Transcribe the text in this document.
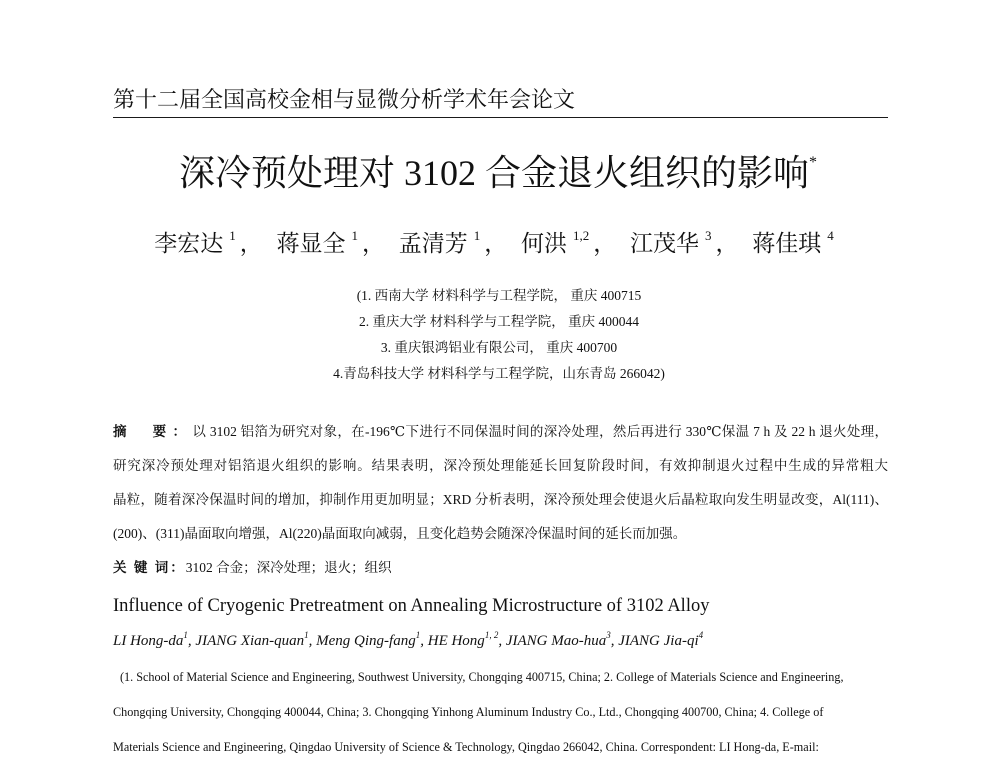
第十二届全国高校金相与显微分析学术年会论文
深冷预处理对 3102 合金退火组织的影响*
李宏达 $^1$ ， 蒋显全 $^1$ ， 孟清芳 $^1$ ， 何洪 $^{1,2}$ ， 江茂华 $^3$ ， 蒋佳琪 $^4$
(1. 西南大学 材料科学与工程学院， 重庆 400715
2. 重庆大学 材料科学与工程学院， 重庆 400044
3. 重庆银鸿铝业有限公司， 重庆 400700
4.青岛科技大学 材料科学与工程学院，山东青岛 266042)
摘　要：以 3102 铝箔为研究对象，在-196℃下进行不同保温时间的深冷处理，然后再进行 330℃保温 7 h 及 22 h 退火处理，
研究深冷预处理对铝箔退火组织的影响。结果表明，深冷预处理能延长回复阶段时间，有效抑制退火过程中生成的异常粗大
晶粒，随着深冷保温时间的增加，抑制作用更加明显；XRD 分析表明，深冷预处理会使退火后晶粒取向发生明显改变，Al(111)、
(200)、(311)晶面取向增强，Al(220)晶面取向减弱，且变化趋势会随深冷保温时间的延长而加强。
关 键 词：3102 合金；深冷处理；退火；组织
Influence of Cryogenic Pretreatment on Annealing Microstructure of 3102 Alloy
LI Hong-$da^1$, JIANG Xian-quan$^1$, Meng Qing-fang$^1$, HE Hong$^{1, 2}$, JIANG Mao-hua$^3$, JIANG Jia-$qi^4$
(1. School of Material Science and Engineering, Southwest University, Chongqing 400715, China; 2. College of Materials Science and Engineering,
Chongqing University, Chongqing 400044, China; 3. Chongqing Yinhong Aluminum Industry Co., Ltd., Chongqing 400700, China; 4. College of
Materials Science and Engineering, Qingdao University of Science & Technology, Qingdao 266042, China. Correspondent: LI Hong-da, E-mail:
